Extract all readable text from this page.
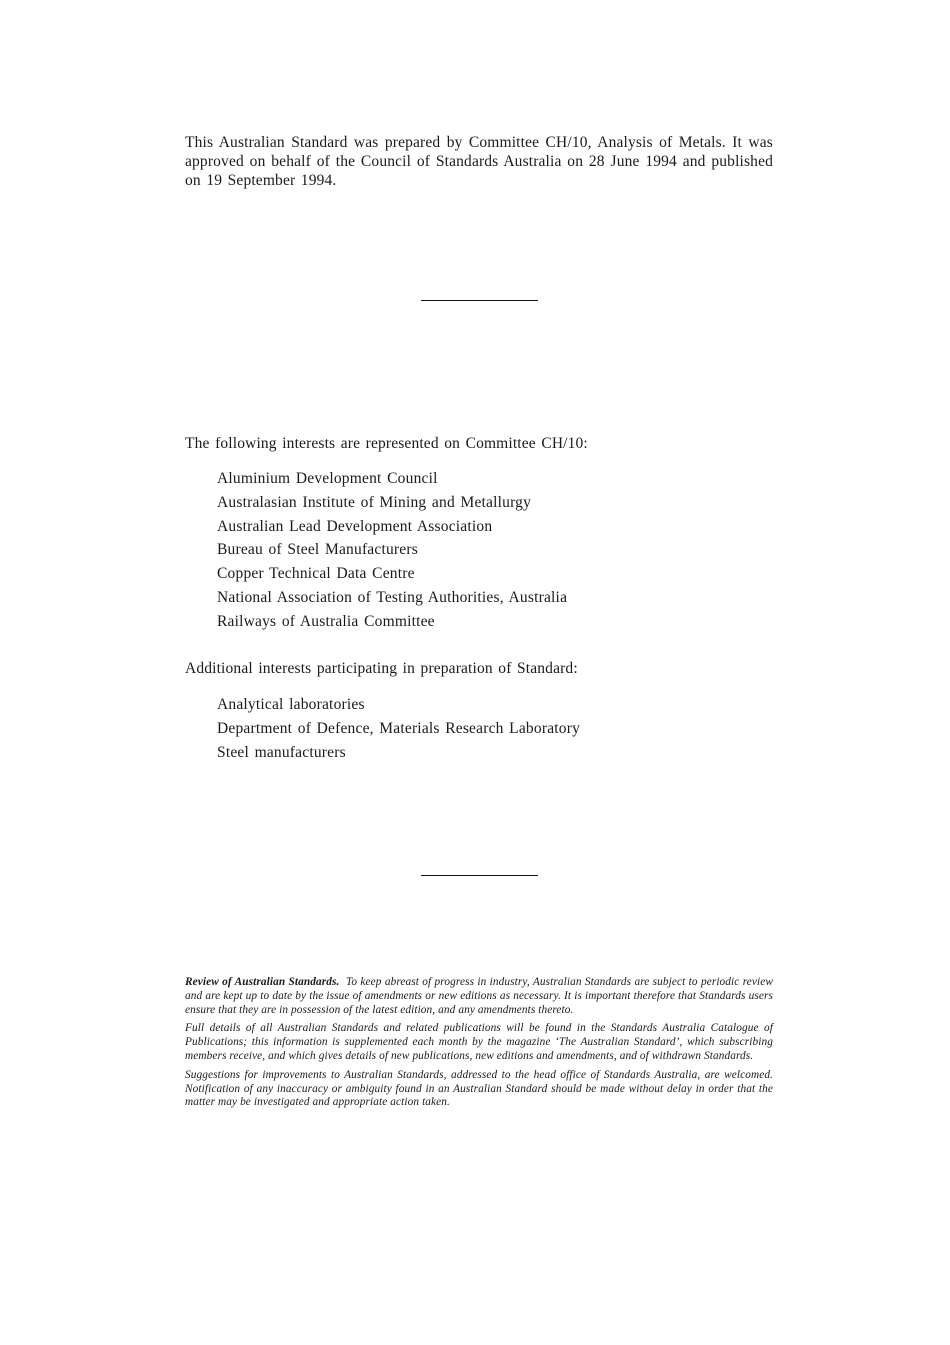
This Australian Standard was prepared by Committee CH/10, Analysis of Metals. It was approved on behalf of the Council of Standards Australia on 28 June 1994 and published on 19 September 1994.
The following interests are represented on Committee CH/10:
Aluminium Development Council
Australasian Institute of Mining and Metallurgy
Australian Lead Development Association
Bureau of Steel Manufacturers
Copper Technical Data Centre
National Association of Testing Authorities, Australia
Railways of Australia Committee
Additional interests participating in preparation of Standard:
Analytical laboratories
Department of Defence, Materials Research Laboratory
Steel manufacturers

Review of Australian Standards. To keep abreast of progress in industry, Australian Standards are subject to periodic review and are kept up to date by the issue of amendments or new editions as necessary. It is important therefore that Standards users ensure that they are in possession of the latest edition, and any amendments thereto.

Full details of all Australian Standards and related publications will be found in the Standards Australia Catalogue of Publications; this information is supplemented each month by the magazine ‘The Australian Standard’, which subscribing members receive, and which gives details of new publications, new editions and amendments, and of withdrawn Standards.

Suggestions for improvements to Australian Standards, addressed to the head office of Standards Australia, are welcomed. Notification of any inaccuracy or ambiguity found in an Australian Standard should be made without delay in order that the matter may be investigated and appropriate action taken.
